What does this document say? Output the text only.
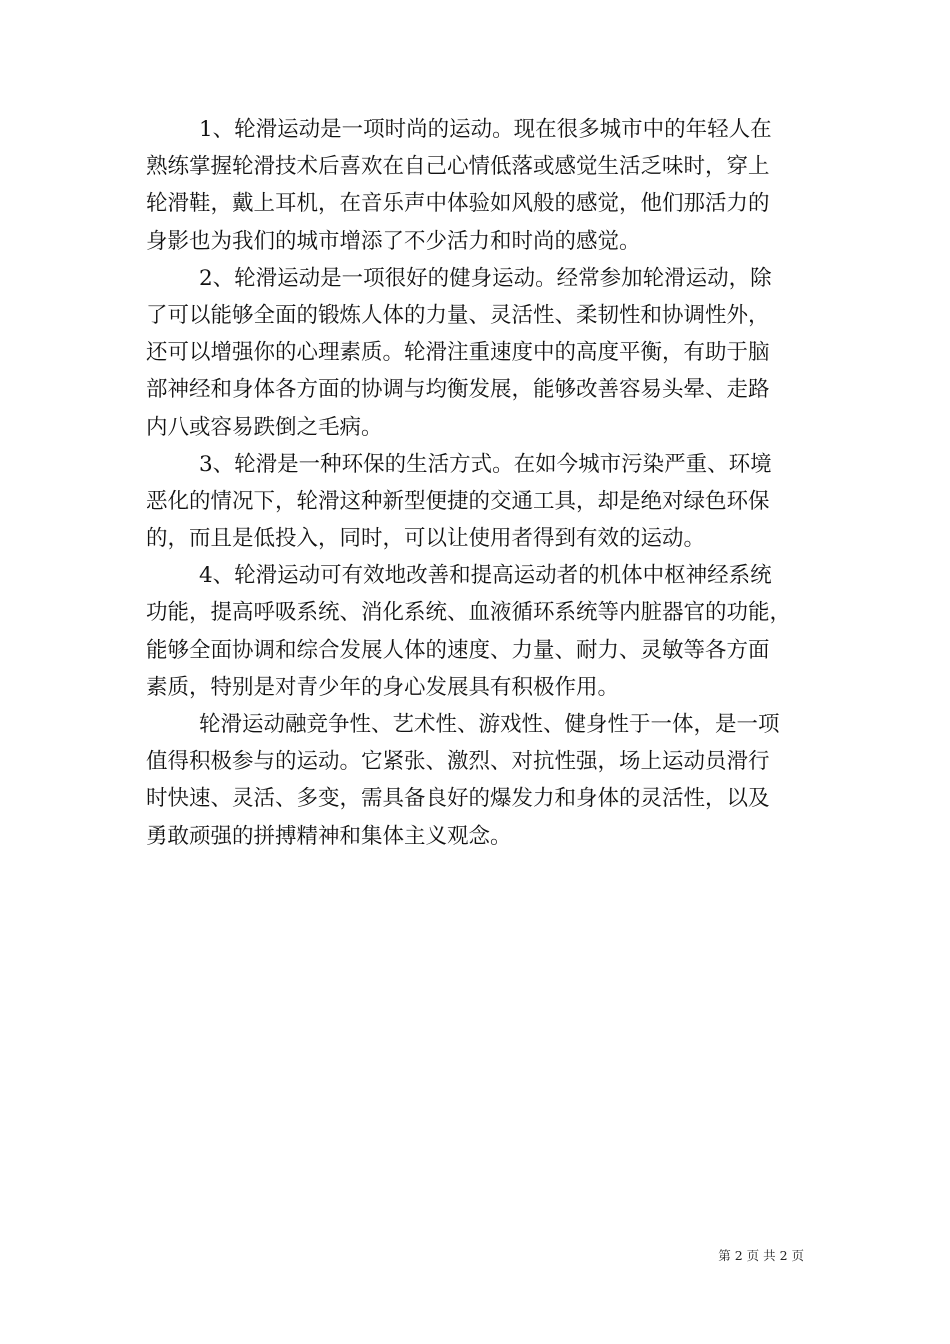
1、轮滑运动是一项时尚的运动。现在很多城市中的年轻人在
熟练掌握轮滑技术后喜欢在自己心情低落或感觉生活乏味时，穿上
轮滑鞋，戴上耳机，在音乐声中体验如风般的感觉，他们那活力的
身影也为我们的城市增添了不少活力和时尚的感觉。
2、轮滑运动是一项很好的健身运动。经常参加轮滑运动，除
了可以能够全面的锻炼人体的力量、灵活性、柔韧性和协调性外，
还可以增强你的心理素质。轮滑注重速度中的高度平衡，有助于脑
部神经和身体各方面的协调与均衡发展，能够改善容易头晕、走路
内八或容易跌倒之毛病。
3、轮滑是一种环保的生活方式。在如今城市污染严重、环境
恶化的情况下，轮滑这种新型便捷的交通工具，却是绝对绿色环保
的，而且是低投入，同时，可以让使用者得到有效的运动。
4、轮滑运动可有效地改善和提高运动者的机体中枢神经系统
功能，提高呼吸系统、消化系统、血液循环系统等内脏器官的功能，
能够全面协调和综合发展人体的速度、力量、耐力、灵敏等各方面
素质，特别是对青少年的身心发展具有积极作用。
轮滑运动融竞争性、艺术性、游戏性、健身性于一体，是一项
值得积极参与的运动。它紧张、激烈、对抗性强，场上运动员滑行
时快速、灵活、多变，需具备良好的爆发力和身体的灵活性，以及
勇敢顽强的拼搏精神和集体主义观念。
第 2 页 共 2 页
